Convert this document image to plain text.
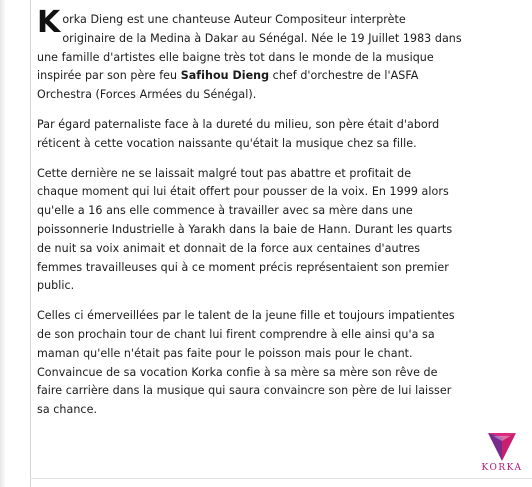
K orka Dieng est une chanteuse Auteur Compositeur interprète
originaire de la Medina à Dakar au Sénégal. Née le 19 Juillet 1983 dans
une famille d'artistes elle baigne très tot dans le monde de la musique
inspirée par son père feu Safihou Dieng chef d'orchestre de l'ASFA
Orchestra (Forces Armées du Sénégal).

Par égard paternaliste face à la dureté du milieu, son père était d'abord
réticent à cette vocation naissante qu'était la musique chez sa fille.

Cette dernière ne se laissait malgré tout pas abattre et profitait de
chaque moment qui lui était offert pour pousser de la voix. En 1999 alors
qu'elle a 16 ans elle commence à travailler avec sa mère dans une
poissonnerie Industrielle à Yarakh dans la baie de Hann. Durant les quarts
de nuit sa voix animait et donnait de la force aux centaines d'autres
femmes travailleuses qui à ce moment précis représentaient son premier
public.

Celles ci émerveillées par le talent de la jeune fille et toujours impatientes
de son prochain tour de chant lui firent comprendre à elle ainsi qu'a sa
maman qu'elle n'était pas faite pour le poisson mais pour le chant.
Convaincue de sa vocation Korka confie à sa mère sa mère son rêve de
faire carrière dans la musique qui saura convaincre son père de lui laisser
sa chance.

KORKA
